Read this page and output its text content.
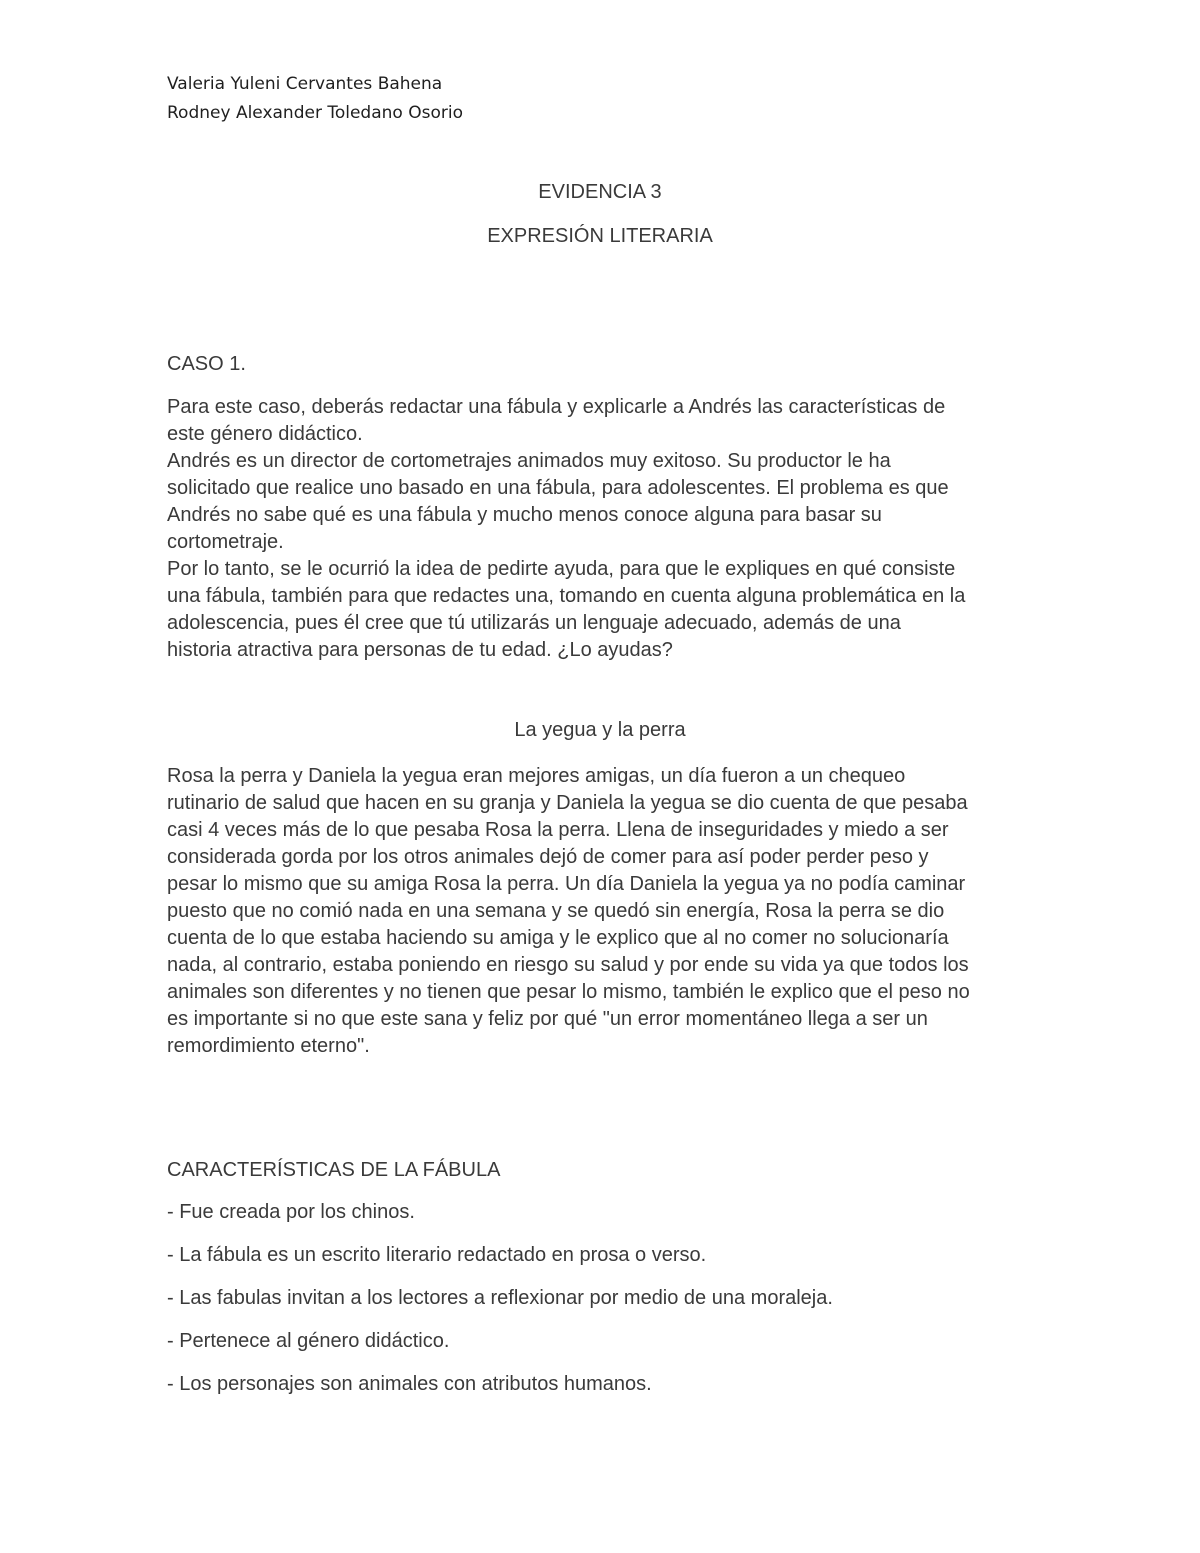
Valeria Yuleni Cervantes Bahena
Rodney Alexander Toledano Osorio
EVIDENCIA 3
EXPRESIÓN LITERARIA

CASO 1.

Para este caso, deberás redactar una fábula y explicarle a Andrés las características de

este género didáctico.

Andrés es un director de cortometrajes animados muy exitoso. Su productor le ha

solicitado que realice uno basado en una fábula, para adolescentes. El problema es que

Andrés no sabe qué es una fábula y mucho menos conoce alguna para basar su

cortometraje.

Por lo tanto, se le ocurrió la idea de pedirte ayuda, para que le expliques en qué consiste

una fábula, también para que redactes una, tomando en cuenta alguna problemática en la

adolescencia, pues él cree que tú utilizarás un lenguaje adecuado, además de una

historia atractiva para personas de tu edad. ¿Lo ayudas?

La yegua y la perra

Rosa la perra y Daniela la yegua eran mejores amigas, un día fueron a un chequeo

rutinario de salud que hacen en su granja y Daniela la yegua se dio cuenta de que pesaba

casi 4 veces más de lo que pesaba Rosa la perra. Llena de inseguridades y miedo a ser

considerada gorda por los otros animales dejó de comer para así poder perder peso y

pesar lo mismo que su amiga Rosa la perra. Un día Daniela la yegua ya no podía caminar

puesto que no comió nada en una semana y se quedó sin energía, Rosa la perra se dio

cuenta de lo que estaba haciendo su amiga y le explico que al no comer no solucionaría

nada, al contrario, estaba poniendo en riesgo su salud y por ende su vida ya que todos los

animales son diferentes y no tienen que pesar lo mismo, también le explico que el peso no

es importante si no que este sana y feliz por qué "un error momentáneo llega a ser un

remordimiento eterno".

CARACTERÍSTICAS DE LA FÁBULA

- Fue creada por los chinos.

- La fábula es un escrito literario redactado en prosa o verso.

- Las fabulas invitan a los lectores a reflexionar por medio de una moraleja.

- Pertenece al género didáctico.

- Los personajes son animales con atributos humanos.
